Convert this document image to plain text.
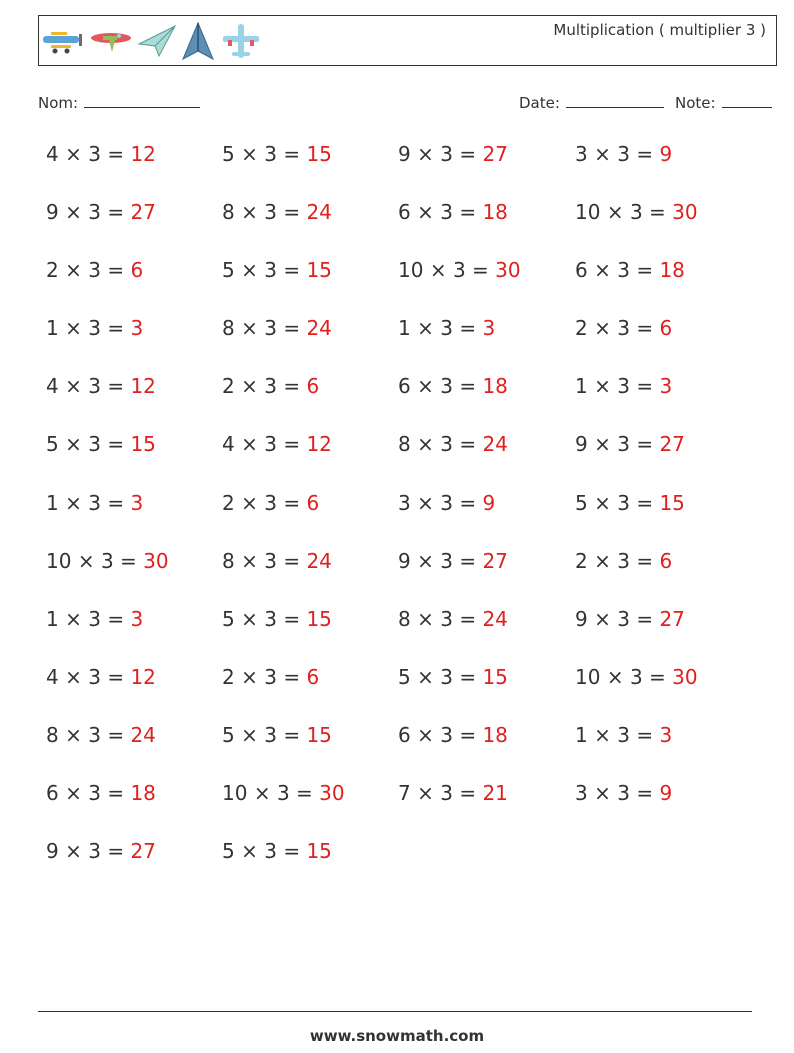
Multiplication ( multiplier 3 )
Nom:	Date:	Note:
4 × 3 = 12	5 × 3 = 15	9 × 3 = 27	3 × 3 = 9
9 × 3 = 27	8 × 3 = 24	6 × 3 = 18	10 × 3 = 30
2 × 3 = 6	5 × 3 = 15	10 × 3 = 30	6 × 3 = 18
1 × 3 = 3	8 × 3 = 24	1 × 3 = 3	2 × 3 = 6
4 × 3 = 12	2 × 3 = 6	6 × 3 = 18	1 × 3 = 3
5 × 3 = 15	4 × 3 = 12	8 × 3 = 24	9 × 3 = 27
1 × 3 = 3	2 × 3 = 6	3 × 3 = 9	5 × 3 = 15
10 × 3 = 30	8 × 3 = 24	9 × 3 = 27	2 × 3 = 6
1 × 3 = 3	5 × 3 = 15	8 × 3 = 24	9 × 3 = 27
4 × 3 = 12	2 × 3 = 6	5 × 3 = 15	10 × 3 = 30
8 × 3 = 24	5 × 3 = 15	6 × 3 = 18	1 × 3 = 3
6 × 3 = 18	10 × 3 = 30	7 × 3 = 21	3 × 3 = 9
9 × 3 = 27	5 × 3 = 15
www.snowmath.com
